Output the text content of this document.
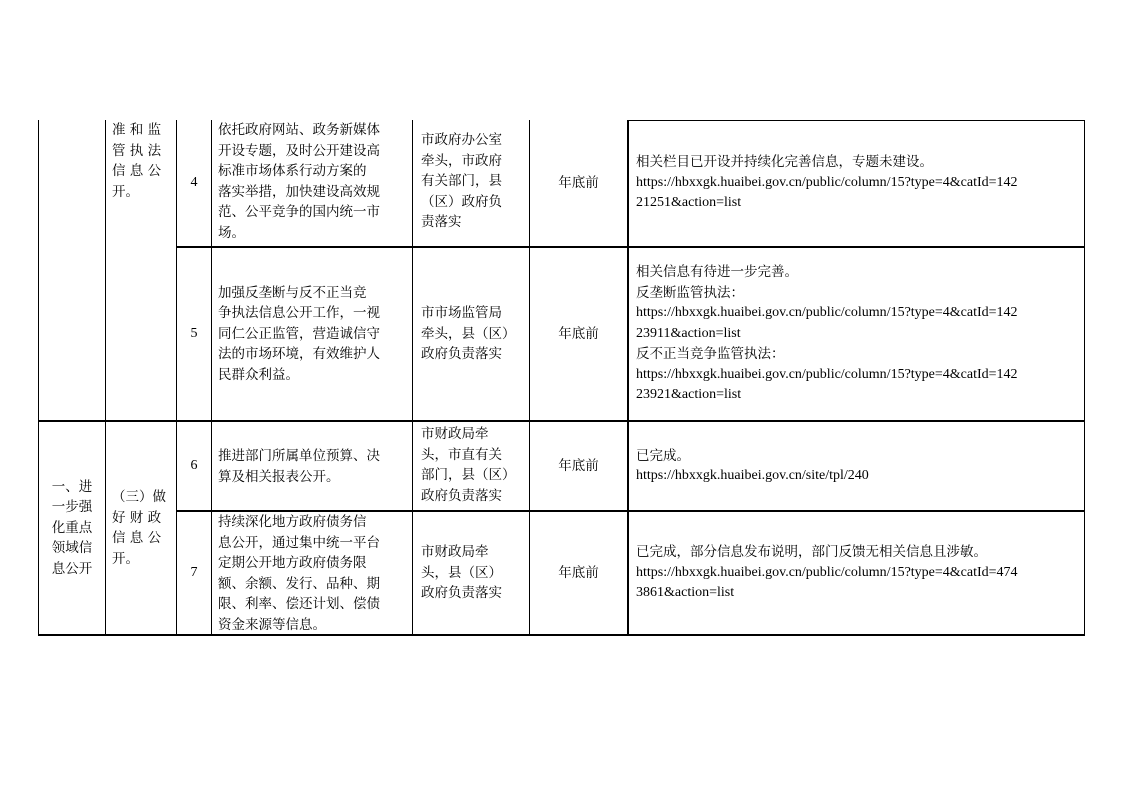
准 和 监
管 执 法
信 息 公
开。
4
依托政府网站、政务新媒体
开设专题，及时公开建设高
标准市场体系行动方案的
落实举措，加快建设高效规
范、公平竞争的国内统一市
场。
市政府办公室
牵头，市政府
有关部门，县
（区）政府负
责落实
年底前
相关栏目已开设并持续化完善信息，专题未建设。
https://hbxxgk.huaibei.gov.cn/public/column/15?type=4&catId=142
21251&action=list
5
加强反垄断与反不正当竞
争执法信息公开工作，一视
同仁公正监管，营造诚信守
法的市场环境，有效维护人
民群众利益。
市市场监管局
牵头，县（区）
政府负责落实
年底前
相关信息有待进一步完善。
反垄断监管执法：
https://hbxxgk.huaibei.gov.cn/public/column/15?type=4&catId=142
23911&action=list
反不正当竞争监管执法：
https://hbxxgk.huaibei.gov.cn/public/column/15?type=4&catId=142
23921&action=list
一、进
一步强
化重点
领域信
息公开
（三）做
好 财 政
信 息 公
开。
6
推进部门所属单位预算、决
算及相关报表公开。
市财政局牵
头，市直有关
部门，县（区）
政府负责落实
年底前
已完成。
https://hbxxgk.huaibei.gov.cn/site/tpl/240
7
持续深化地方政府债务信
息公开，通过集中统一平台
定期公开地方政府债务限
额、余额、发行、品种、期
限、利率、偿还计划、偿债
资金来源等信息。
市财政局牵
头，县（区）
政府负责落实
年底前
已完成，部分信息发布说明，部门反馈无相关信息且涉敏。
https://hbxxgk.huaibei.gov.cn/public/column/15?type=4&catId=474
3861&action=list
